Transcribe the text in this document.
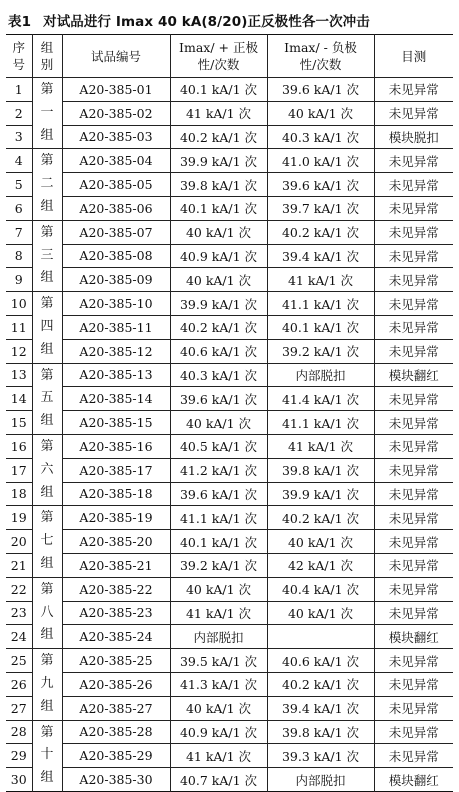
表1 对试品进行 Imax 40 kA(8/20)正反极性各一次冲击
序
号	组
别	试品编号	Imax/ + 正极
性/次数	Imax/ - 负极
性/次数	目测
1	第
一
组	A20-385-01	40.1 kA/1 次	39.6 kA/1 次	未见异常
2		A20-385-02	41 kA/1 次	40 kA/1 次	未见异常
3		A20-385-03	40.2 kA/1 次	40.3 kA/1 次	模块脱扣
4	第
二
组	A20-385-04	39.9 kA/1 次	41.0 kA/1 次	未见异常
5		A20-385-05	39.8 kA/1 次	39.6 kA/1 次	未见异常
6		A20-385-06	40.1 kA/1 次	39.7 kA/1 次	未见异常
7	第
三
组	A20-385-07	40 kA/1 次	40.2 kA/1 次	未见异常
8		A20-385-08	40.9 kA/1 次	39.4 kA/1 次	未见异常
9		A20-385-09	40 kA/1 次	41 kA/1 次	未见异常
10	第
四
组	A20-385-10	39.9 kA/1 次	41.1 kA/1 次	未见异常
11		A20-385-11	40.2 kA/1 次	40.1 kA/1 次	未见异常
12		A20-385-12	40.6 kA/1 次	39.2 kA/1 次	未见异常
13	第
五
组	A20-385-13	40.3 kA/1 次	内部脱扣	模块翻红
14		A20-385-14	39.6 kA/1 次	41.4 kA/1 次	未见异常
15		A20-385-15	40 kA/1 次	41.1 kA/1 次	未见异常
16	第
六
组	A20-385-16	40.5 kA/1 次	41 kA/1 次	未见异常
17		A20-385-17	41.2 kA/1 次	39.8 kA/1 次	未见异常
18		A20-385-18	39.6 kA/1 次	39.9 kA/1 次	未见异常
19	第
七
组	A20-385-19	41.1 kA/1 次	40.2 kA/1 次	未见异常
20		A20-385-20	40.1 kA/1 次	40 kA/1 次	未见异常
21		A20-385-21	39.2 kA/1 次	42 kA/1 次	未见异常
22	第
八
组	A20-385-22	40 kA/1 次	40.4 kA/1 次	未见异常
23		A20-385-23	41 kA/1 次	40 kA/1 次	未见异常
24		A20-385-24	内部脱扣		模块翻红
25	第
九
组	A20-385-25	39.5 kA/1 次	40.6 kA/1 次	未见异常
26		A20-385-26	41.3 kA/1 次	40.2 kA/1 次	未见异常
27		A20-385-27	40 kA/1 次	39.4 kA/1 次	未见异常
28	第
十
组	A20-385-28	40.9 kA/1 次	39.8 kA/1 次	未见异常
29		A20-385-29	41 kA/1 次	39.3 kA/1 次	未见异常
30		A20-385-30	40.7 kA/1 次	内部脱扣	模块翻红
